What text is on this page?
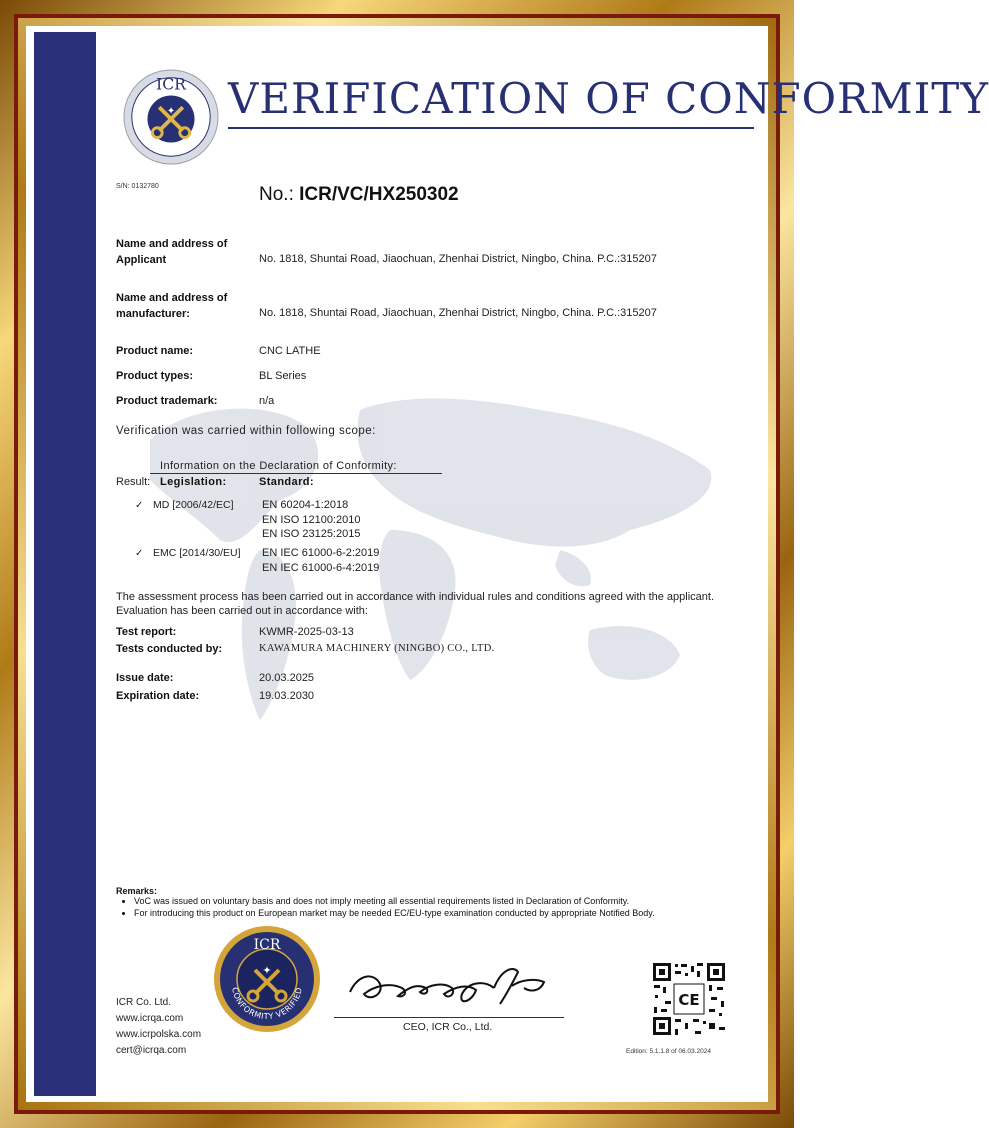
ICR
✦ VERIFICATION OF CONFORMITY
S/N: 0132780	No.: ICR/VC/HX250302
Name and address of
Applicant	No. 1818, Shuntai Road, Jiaochuan, Zhenhai District, Ningbo, China. P.C.:315207
Name and address of
manufacturer:	No. 1818, Shuntai Road, Jiaochuan, Zhenhai District, Ningbo, China. P.C.:315207
Product name:	CNC LATHE
Product types:	BL Series
Product trademark:	n/a
Verification was carried within following scope:
Information on the Declaration of Conformity:
Result: Legislation:	Standard:
✓ MD [2006/42/EC]	EN 60204-1:2018
EN ISO 12100:2010
EN ISO 23125:2015
✓ EMC [2014/30/EU] EN IEC 61000-6-2:2019
EN IEC 61000-6-4:2019
The assessment process has been carried out in accordance with individual rules and conditions agreed with the applicant.
Evaluation has been carried out in accordance with:
Test report:	KWMR-2025-03-13
Tests conducted by:	KAWAMURA MACHINERY (NINGBO) CO., LTD.
Issue date:	20.03.2025
Expiration date:	19.03.2030
Remarks:
• VoC was issued on voluntary basis and does not imply meeting all essential requirements listed in Declaration of Conformity.
• For introducing this product on European market may be needed EC/EU-type examination conducted by appropriate Notified Body.
ICR
✦
CONFORMITY VERIFIED
ICR Co. Ltd.
www.icrqa.com
www.icrpolska.com
cert@icrqa.com
CEO, ICR Co., Ltd.
CE
Edition: 5.1.1.8 of 06.03.2024
